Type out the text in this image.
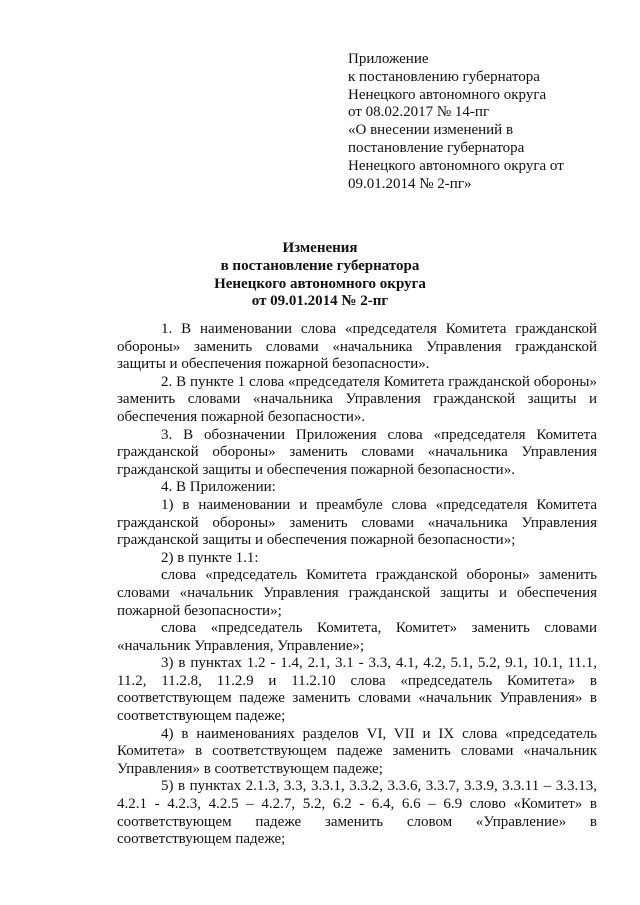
Приложение
к постановлению губернатора
Ненецкого автономного округа
от 08.02.2017 № 14-пг
«О внесении изменений в
постановление губернатора
Ненецкого автономного округа от
09.01.2014 № 2-пг»
Изменения
в постановление губернатора
Ненецкого автономного округа
от 09.01.2014 № 2-пг

1. В наименовании слова «председателя Комитета гражданской обороны» заменить словами «начальника Управления гражданской защиты и обеспечения пожарной безопасности».

2. В пункте 1 слова «председателя Комитета гражданской обороны» заменить словами «начальника Управления гражданской защиты и обеспечения пожарной безопасности».

3. В обозначении Приложения слова «председателя Комитета гражданской обороны» заменить словами «начальника Управления гражданской защиты и обеспечения пожарной безопасности».

4. В Приложении:

1) в наименовании и преамбуле слова «председателя Комитета гражданской обороны» заменить словами «начальника Управления гражданской защиты и обеспечения пожарной безопасности»;

2) в пункте 1.1:

слова «председатель Комитета гражданской обороны» заменить словами «начальник Управления гражданской защиты и обеспечения пожарной безопасности»;

слова «председатель Комитета, Комитет» заменить словами «начальник Управления, Управление»;

3) в пунктах 1.2 - 1.4, 2.1, 3.1 - 3.3, 4.1, 4.2, 5.1, 5.2, 9.1, 10.1, 11.1, 11.2, 11.2.8, 11.2.9 и 11.2.10 слова «председатель Комитета» в соответствующем падеже заменить словами «начальник Управления» в соответствующем падеже;

4) в наименованиях разделов VI, VII и IX слова «председатель Комитета» в соответствующем падеже заменить словами «начальник Управления» в соответствующем падеже;

5) в пунктах 2.1.3, 3.3, 3.3.1, 3.3.2, 3.3.6, 3.3.7, 3.3.9, 3.3.11 – 3.3.13, 4.2.1 - 4.2.3, 4.2.5 – 4.2.7, 5.2, 6.2 - 6.4, 6.6 – 6.9 слово «Комитет» в соответствующем падеже заменить словом «Управление» в соответствующем падеже;
